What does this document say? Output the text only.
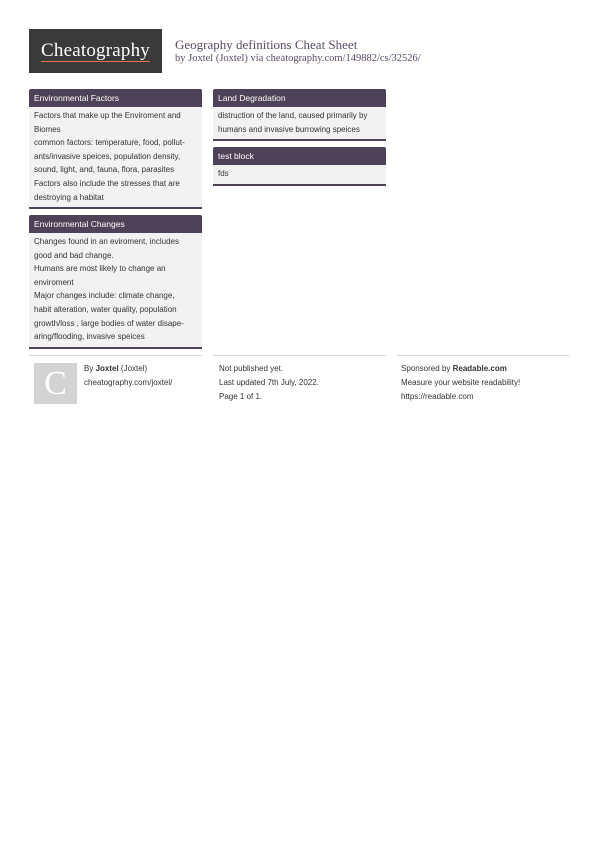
Cheatography Geography definitions Cheat Sheet
by Joxtel (Joxtel) via cheatography.com/149882/cs/32526/
Environmental Factors
Factors that make up the Enviroment and
Biomes
common factors: temperature, food, pollut-
ants/invasive speices, population density,
sound, light, and, fauna, flora, parasites
Factors also include the stresses that are
destroying a habitat
Environmental Changes
Changes found in an eviroment, includes
good and bad change.
Humans are most likely to change an
enviroment
Major changes include: climate change,
habit alteration, water quality, population
growth/loss , large bodies of water disape-
aring/flooding, invasive speices
Land Degradation
distruction of the land, caused primarily by
humans and invasive burrowing speices
test block
fds
C By Joxtel (Joxtel)
cheatography.com/joxtel/
Not published yet.
Last updated 7th July, 2022.
Page 1 of 1.
Sponsored by Readable.com
Measure your website readability!
https://readable.com
